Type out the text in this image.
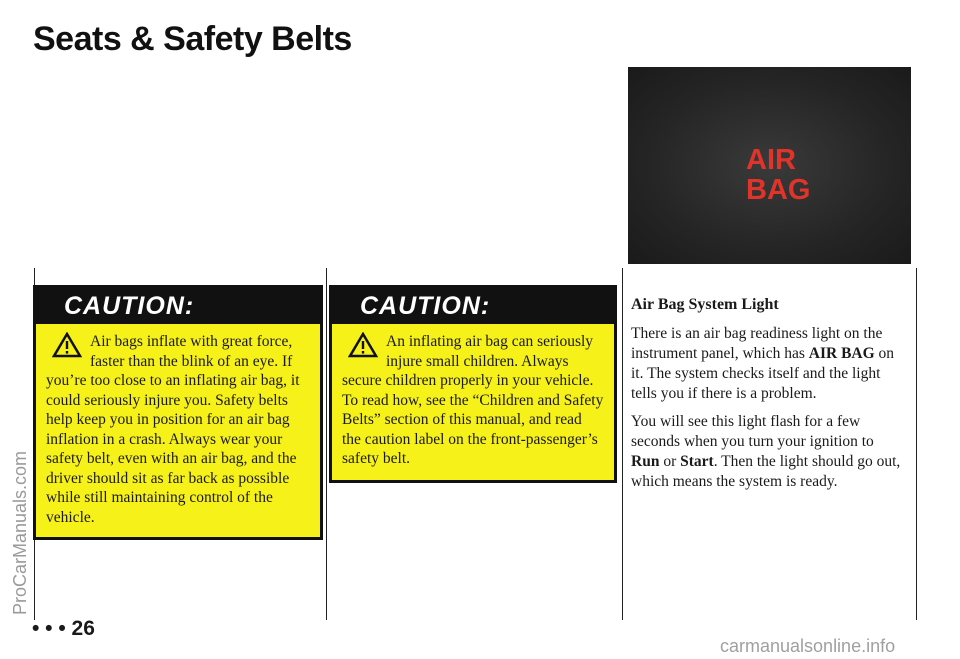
Seats & Safety Belts
CAUTION:

Air bags inflate with great force, faster than the blink of an eye. If you’re too close to an inflating air bag, it could seriously injure you. Safety belts help keep you in position for an air bag inflation in a crash. Always wear your safety belt, even with an air bag, and the driver should sit as far back as possible while still maintaining control of the vehicle.

CAUTION:

An inflating air bag can seriously injure small children. Always secure children properly in your vehicle. To read how, see the “Children and Safety Belts” section of this manual, and read the caution label on the front-passenger’s safety belt.

AIR
BAG

Air Bag System Light

There is an air bag readiness light on the instrument panel, which has AIR BAG on it. The system checks itself and the light tells you if there is a problem.

You will see this light flash for a few seconds when you turn your ignition to Run or Start. Then the light should go out, which means the system is ready.

• • • 26
ProCarManuals.com
carmanualsonline.info
